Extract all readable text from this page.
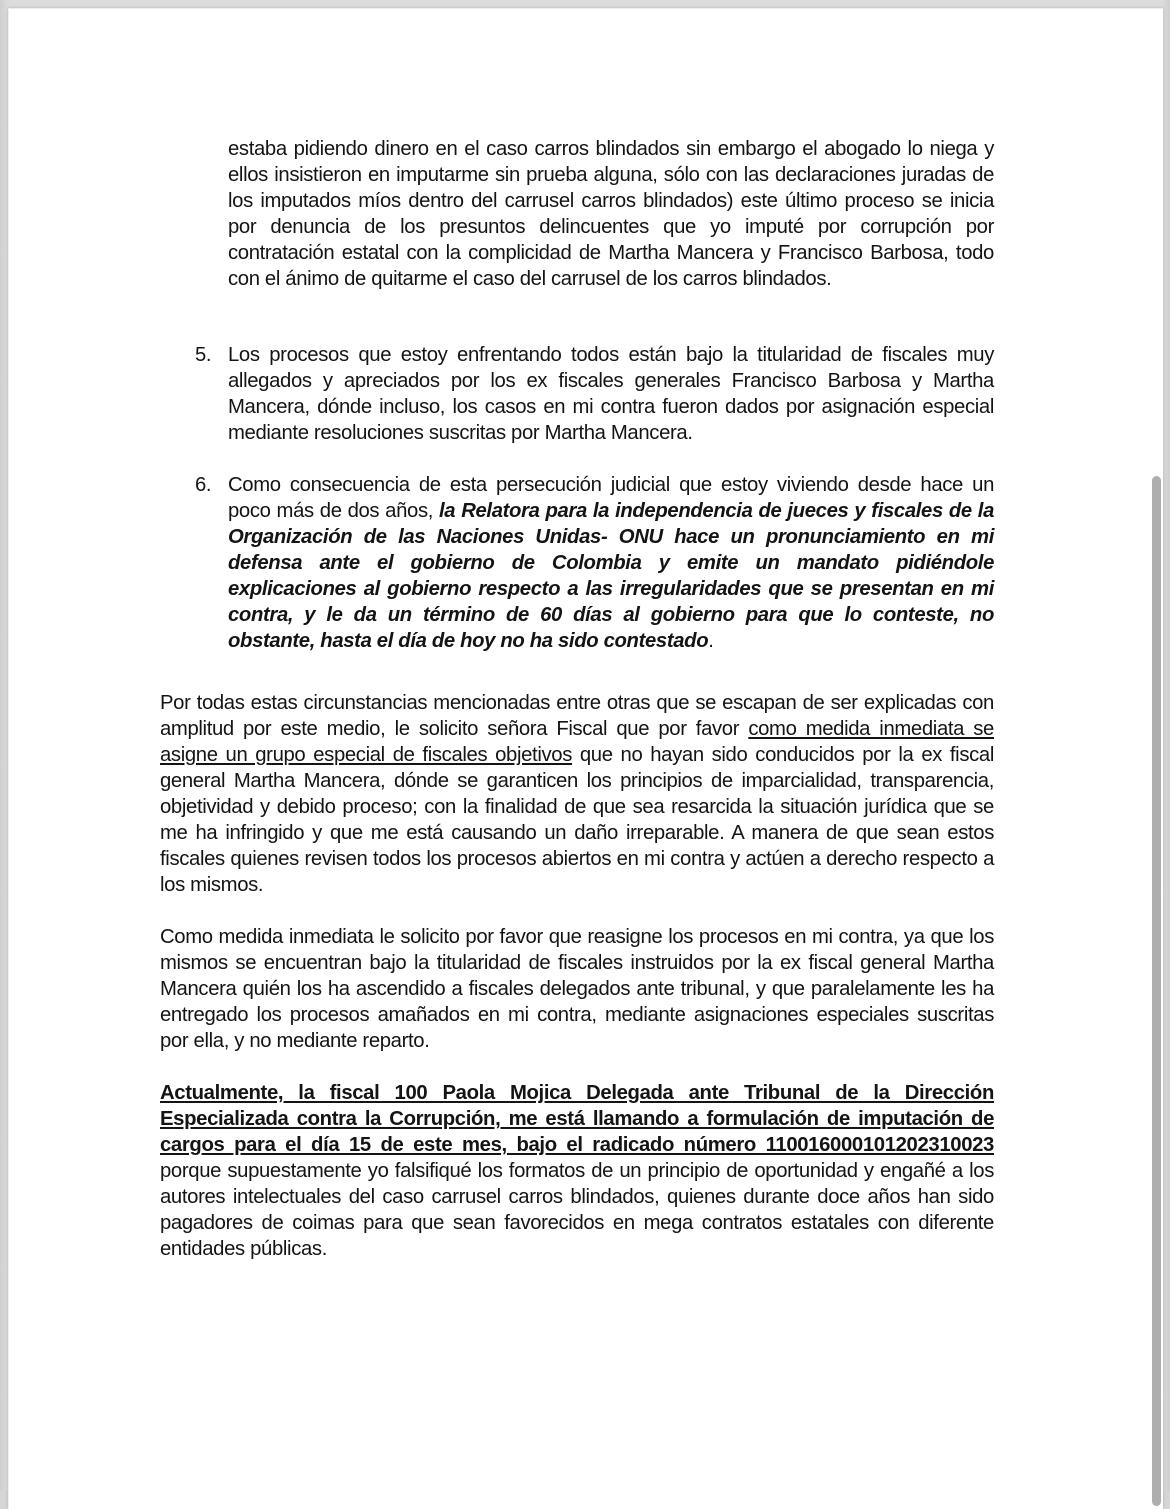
estaba pidiendo dinero en el caso carros blindados sin embargo el abogado lo niega y ellos insistieron en imputarme sin prueba alguna, sólo con las declaraciones juradas de los imputados míos dentro del carrusel carros blindados) este último proceso se inicia por denuncia de los presuntos delincuentes que yo imputé por corrupción por contratación estatal con la complicidad de Martha Mancera y Francisco Barbosa, todo con el ánimo de quitarme el caso del carrusel de los carros blindados.

5. Los procesos que estoy enfrentando todos están bajo la titularidad de fiscales muy allegados y apreciados por los ex fiscales generales Francisco Barbosa y Martha Mancera, dónde incluso, los casos en mi contra fueron dados por asignación especial mediante resoluciones suscritas por Martha Mancera.

6. Como consecuencia de esta persecución judicial que estoy viviendo desde hace un poco más de dos años, la Relatora para la independencia de jueces y fiscales de la Organización de las Naciones Unidas- ONU hace un pronunciamiento en mi defensa ante el gobierno de Colombia y emite un mandato pidiéndole explicaciones al gobierno respecto a las irregularidades que se presentan en mi contra, y le da un término de 60 días al gobierno para que lo conteste, no obstante, hasta el día de hoy no ha sido contestado.

Por todas estas circunstancias mencionadas entre otras que se escapan de ser explicadas con amplitud por este medio, le solicito señora Fiscal que por favor como medida inmediata se asigne un grupo especial de fiscales objetivos que no hayan sido conducidos por la ex fiscal general Martha Mancera, dónde se garanticen los principios de imparcialidad, transparencia, objetividad y debido proceso; con la finalidad de que sea resarcida la situación jurídica que se me ha infringido y que me está causando un daño irreparable. A manera de que sean estos fiscales quienes revisen todos los procesos abiertos en mi contra y actúen a derecho respecto a los mismos.

Como medida inmediata le solicito por favor que reasigne los procesos en mi contra, ya que los mismos se encuentran bajo la titularidad de fiscales instruidos por la ex fiscal general Martha Mancera quién los ha ascendido a fiscales delegados ante tribunal, y que paralelamente les ha entregado los procesos amañados en mi contra, mediante asignaciones especiales suscritas por ella, y no mediante reparto.

Actualmente, la fiscal 100 Paola Mojica Delegada ante Tribunal de la Dirección Especializada contra la Corrupción, me está llamando a formulación de imputación de cargos para el día 15 de este mes, bajo el radicado número 110016000101202310023 porque supuestamente yo falsifiqué los formatos de un principio de oportunidad y engañé a los autores intelectuales del caso carrusel carros blindados, quienes durante doce años han sido pagadores de coimas para que sean favorecidos en mega contratos estatales con diferente entidades públicas.
